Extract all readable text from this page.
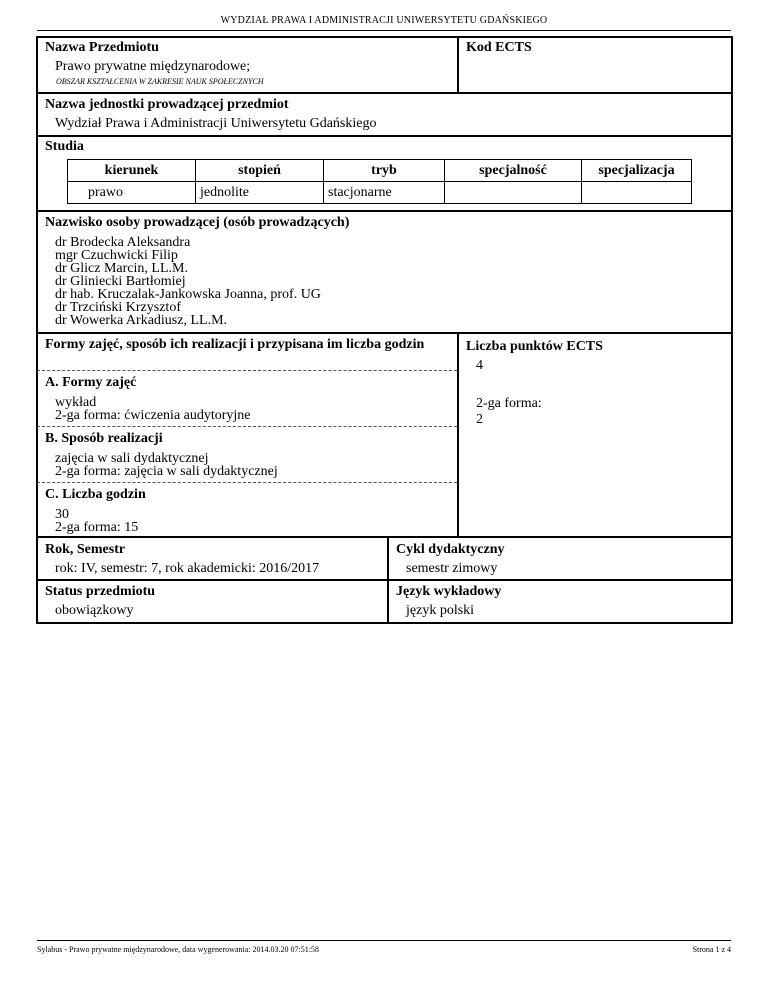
WYDZIAŁ PRAWA I ADMINISTRACJI UNIWERSYTETU GDAŃSKIEGO
Nazwa Przedmiotu
Prawo prywatne międzynarodowe;
OBSZAR KSZTAŁCENIA W ZAKRESIE NAUK SPOŁECZNYCH
Kod ECTS
Nazwa jednostki prowadzącej przedmiot
Wydział Prawa i Administracji Uniwersytetu Gdańskiego
Studia
kierunek	stopień	tryb	specjalność	specjalizacja
prawo	jednolite	stacjonarne		
Nazwisko osoby prowadzącej (osób prowadzących)
dr Brodecka Aleksandra
mgr Czuchwicki Filip
dr Glicz Marcin, LL.M.
dr Gliniecki Bartłomiej
dr hab. Kruczalak-Jankowska Joanna, prof. UG
dr Trzciński Krzysztof
dr Wowerka Arkadiusz, LL.M.
Formy zajęć, sposób ich realizacji i przypisana im liczba godzin	Liczba punktów ECTS
4
2-ga forma:
2
A. Formy zajęć
wykład
2-ga forma: ćwiczenia audytoryjne
B. Sposób realizacji
zajęcia w sali dydaktycznej
2-ga forma: zajęcia w sali dydaktycznej
C. Liczba godzin
30
2-ga forma: 15
Rok, Semestr
rok: IV, semestr: 7, rok akademicki: 2016/2017
Cykl dydaktyczny
semestr zimowy
Status przedmiotu
obowiązkowy
Język wykładowy
język polski
Sylabus - Prawo prywatne międzynarodowe, data wygenerowania: 2014.03.20 07:51:58	Strona 1 z 4
